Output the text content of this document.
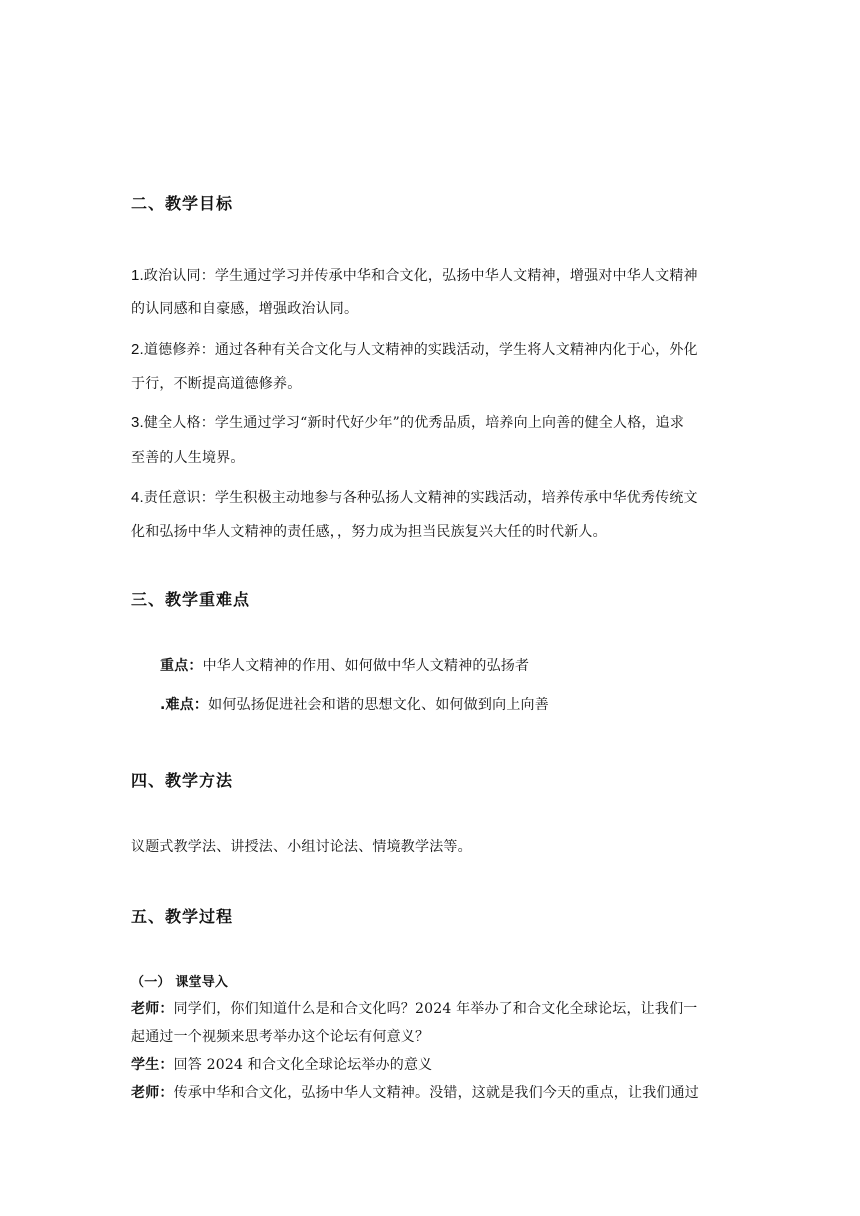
二、教学目标
1.政治认同：学生通过学习并传承中华和合文化，弘扬中华人文精神，增强对中华人文精神
的认同感和自豪感，增强政治认同。
2.道德修养：通过各种有关合文化与人文精神的实践活动，学生将人文精神内化于心，外化
于行，不断提高道德修养。
3.健全人格：学生通过学习“新时代好少年”的优秀品质，培养向上向善的健全人格，追求
至善的人生境界。
4.责任意识：学生积极主动地参与各种弘扬人文精神的实践活动，培养传承中华优秀传统文
化和弘扬中华人文精神的责任感，，努力成为担当民族复兴大任的时代新人。
三、教学重难点
重点：中华人文精神的作用、如何做中华人文精神的弘扬者
.难点：如何弘扬促进社会和谐的思想文化、如何做到向上向善
四、教学方法
议题式教学法、讲授法、小组讨论法、情境教学法等。
五、教学过程
（一） 课堂导入
老师：同学们，你们知道什么是和合文化吗？2024 年举办了和合文化全球论坛，让我们一
起通过一个视频来思考举办这个论坛有何意义？
学生：回答 2024 和合文化全球论坛举办的意义
老师：传承中华和合文化，弘扬中华人文精神。没错，这就是我们今天的重点，让我们通过
